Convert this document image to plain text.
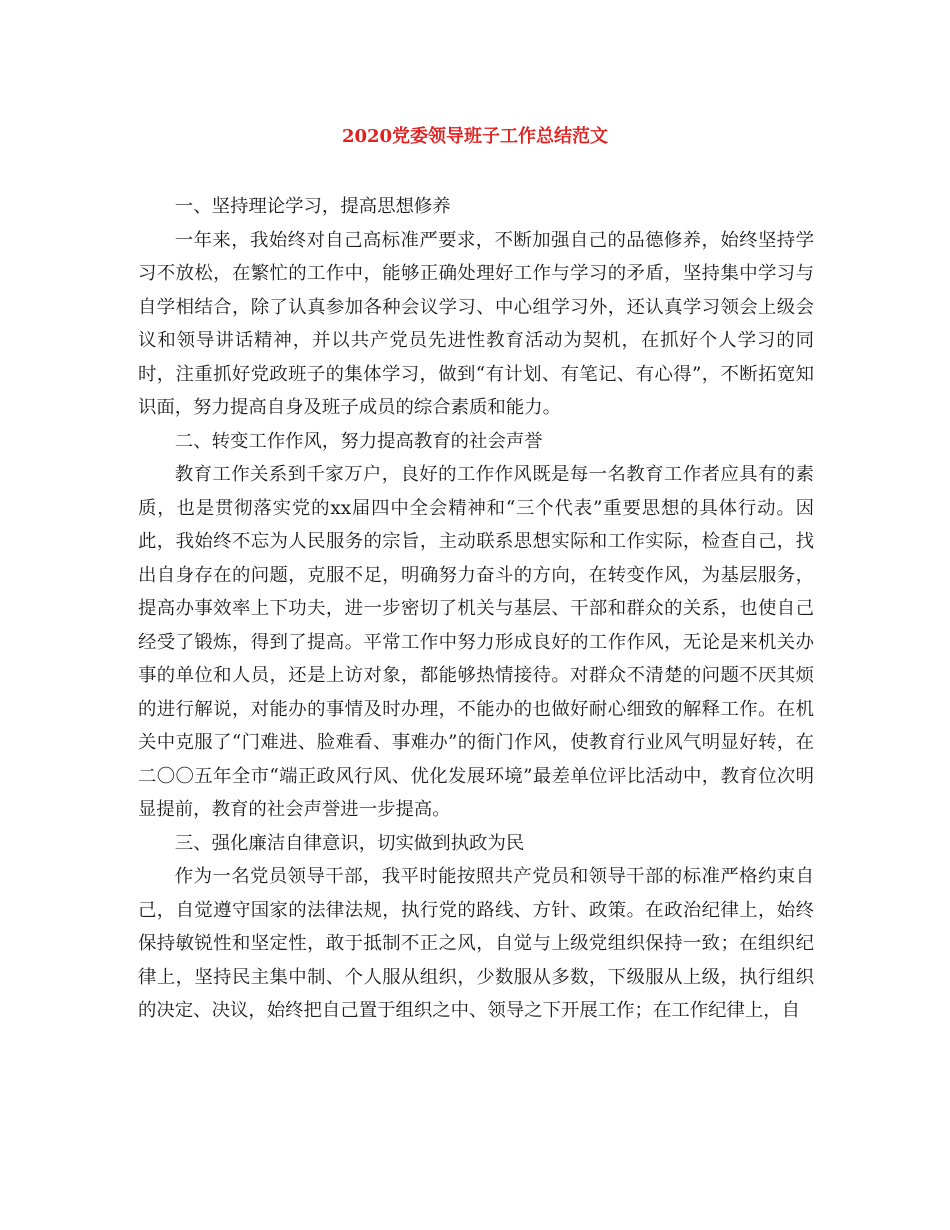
2020党委领导班子工作总结范文

一、坚持理论学习，提高思想修养

一年来，我始终对自己高标准严要求，不断加强自己的品德修养，始终坚持学习不放松，在繁忙的工作中，能够正确处理好工作与学习的矛盾，坚持集中学习与自学相结合，除了认真参加各种会议学习、中心组学习外，还认真学习领会上级会议和领导讲话精神，并以共产党员先进性教育活动为契机，在抓好个人学习的同时，注重抓好党政班子的集体学习，做到“有计划、有笔记、有心得”，不断拓宽知识面，努力提高自身及班子成员的综合素质和能力。

二、转变工作作风，努力提高教育的社会声誉

教育工作关系到千家万户，良好的工作作风既是每一名教育工作者应具有的素质，也是贯彻落实党的xx届四中全会精神和“三个代表”重要思想的具体行动。因此，我始终不忘为人民服务的宗旨，主动联系思想实际和工作实际，检查自己，找出自身存在的问题，克服不足，明确努力奋斗的方向，在转变作风，为基层服务，提高办事效率上下功夫，进一步密切了机关与基层、干部和群众的关系，也使自己经受了锻炼，得到了提高。平常工作中努力形成良好的工作作风，无论是来机关办事的单位和人员，还是上访对象，都能够热情接待。对群众不清楚的问题不厌其烦的进行解说，对能办的事情及时办理，不能办的也做好耐心细致的解释工作。在机关中克服了“门难进、脸难看、事难办”的衙门作风，使教育行业风气明显好转，在二〇〇五年全市“端正政风行风、优化发展环境”最差单位评比活动中，教育位次明显提前，教育的社会声誉进一步提高。

三、强化廉洁自律意识，切实做到执政为民

作为一名党员领导干部，我平时能按照共产党员和领导干部的标准严格约束自己，自觉遵守国家的法律法规，执行党的路线、方针、政策。在政治纪律上，始终保持敏锐性和坚定性，敢于抵制不正之风，自觉与上级党组织保持一致；在组织纪律上，坚持民主集中制、个人服从组织，少数服从多数，下级服从上级，执行组织的决定、决议，始终把自己置于组织之中、领导之下开展工作；在工作纪律上，自
